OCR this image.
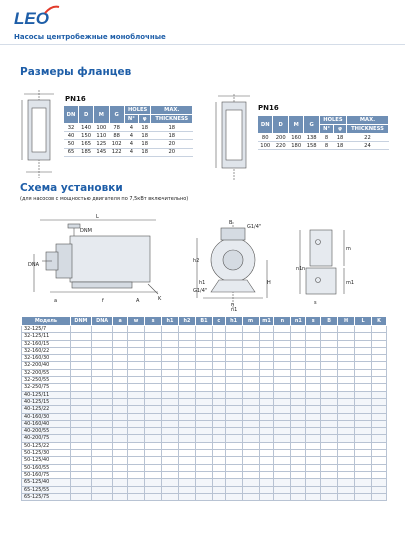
LEO
Насосы центробежные моноблочные
Размеры фланцев
PN16
DN	D	M	G	HOLES		MAX.
				N°	φ	THICKNESS
32	140	100	78	4	18	18
40	150	110	88	4	18	18
50	165	125	102	4	18	20
65	185	145	122	4	18	20
PN16
DN	D	M	G	HOLES		MAX.
				N°	φ	THICKNESS
80	200	160	138	8	18	22
100	220	180	158	8	18	24
Схема установки
(для насосов с мощностью двигателя по 7,5кВт включительно)
L
DNM
DNA
a	f	A	K
B
G1/4"
G1/4"
h2
H
h1
n
n1
m
m1
s
n1 n
Модель	DNM	DNA	a	w	s	h1	h2	B1	c	h1	m	m1	n	n1	s	B	H	L	K
32-125/7																			
32-125/11																			
32-160/15																			
32-160/22																			
32-160/30																			
32-200/40																			
32-200/55																			
32-250/55																			
32-250/75																			
40-125/11																			
40-125/15																			
40-125/22																			
40-160/30																			
40-160/40																			
40-200/55																			
40-200/75																			
50-125/22																			
50-125/30																			
50-125/40																			
50-160/55																			
50-160/75																			
65-125/40																			
65-125/55																			
65-125/75																			
